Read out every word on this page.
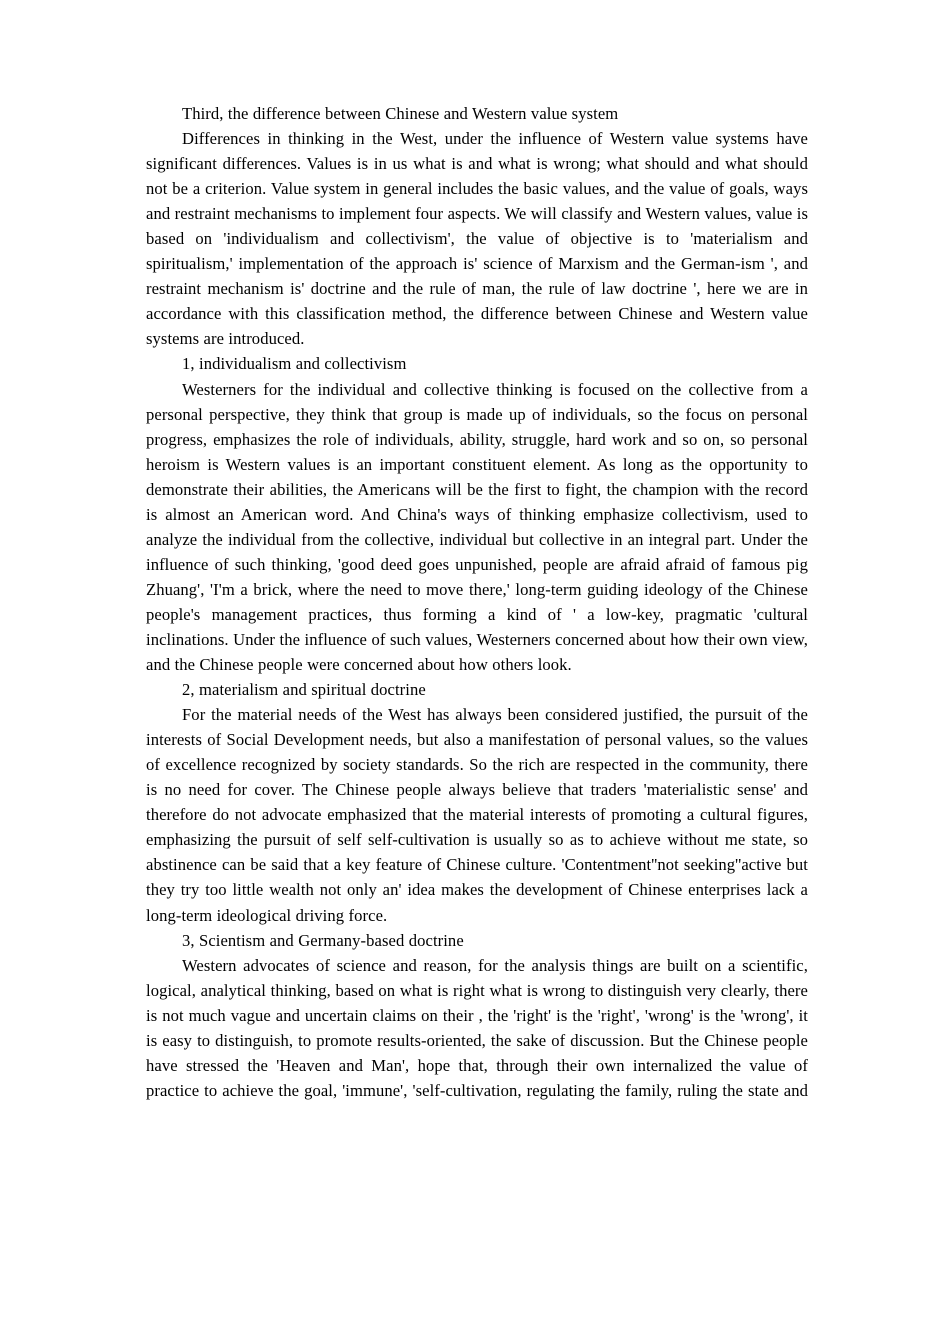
Third, the difference between Chinese and Western value system

Differences in thinking in the West, under the influence of Western value systems have significant differences. Values is in us what is and what is wrong; what should and what should not be a criterion. Value system in general includes the basic values, and the value of goals, ways and restraint mechanisms to implement four aspects. We will classify and Western values, value is based on 'individualism and collectivism', the value of objective is to 'materialism and spiritualism,' implementation of the approach is' science of Marxism and the German-ism ', and restraint mechanism is' doctrine and the rule of man, the rule of law doctrine ', here we are in accordance with this classification method, the difference between Chinese and Western value systems are introduced.

1, individualism and collectivism

Westerners for the individual and collective thinking is focused on the collective from a personal perspective, they think that group is made up of individuals, so the focus on personal progress, emphasizes the role of individuals, ability, struggle, hard work and so on, so personal heroism is Western values is an important constituent element. As long as the opportunity to demonstrate their abilities, the Americans will be the first to fight, the champion with the record is almost an American word. And China's ways of thinking emphasize collectivism, used to analyze the individual from the collective, individual but collective in an integral part. Under the influence of such thinking, 'good deed goes unpunished, people are afraid afraid of famous pig Zhuang', 'I'm a brick, where the need to move there,' long-term guiding ideology of the Chinese people's management practices, thus forming a kind of ' a low-key, pragmatic 'cultural inclinations. Under the influence of such values, Westerners concerned about how their own view, and the Chinese people were concerned about how others look.

2, materialism and spiritual doctrine

For the material needs of the West has always been considered justified, the pursuit of the interests of Social Development needs, but also a manifestation of personal values, so the values of excellence recognized by society standards. So the rich are respected in the community, there is no need for cover. The Chinese people always believe that traders 'materialistic sense' and therefore do not advocate emphasized that the material interests of promoting a cultural figures, emphasizing the pursuit of self self-cultivation is usually so as to achieve without me state, so abstinence can be said that a key feature of Chinese culture. 'Contentment''not seeking''active but they try too little wealth not only an' idea makes the development of Chinese enterprises lack a long-term ideological driving force.

3, Scientism and Germany-based doctrine

Western advocates of science and reason, for the analysis things are built on a scientific, logical, analytical thinking, based on what is right what is wrong to distinguish very clearly, there is not much vague and uncertain claims on their , the 'right' is the 'right', 'wrong' is the 'wrong', it is easy to distinguish, to promote results-oriented, the sake of discussion. But the Chinese people have stressed the 'Heaven and Man', hope that, through their own internalized the value of practice to achieve the goal, 'immune', 'self-cultivation, regulating the family, ruling the state and
